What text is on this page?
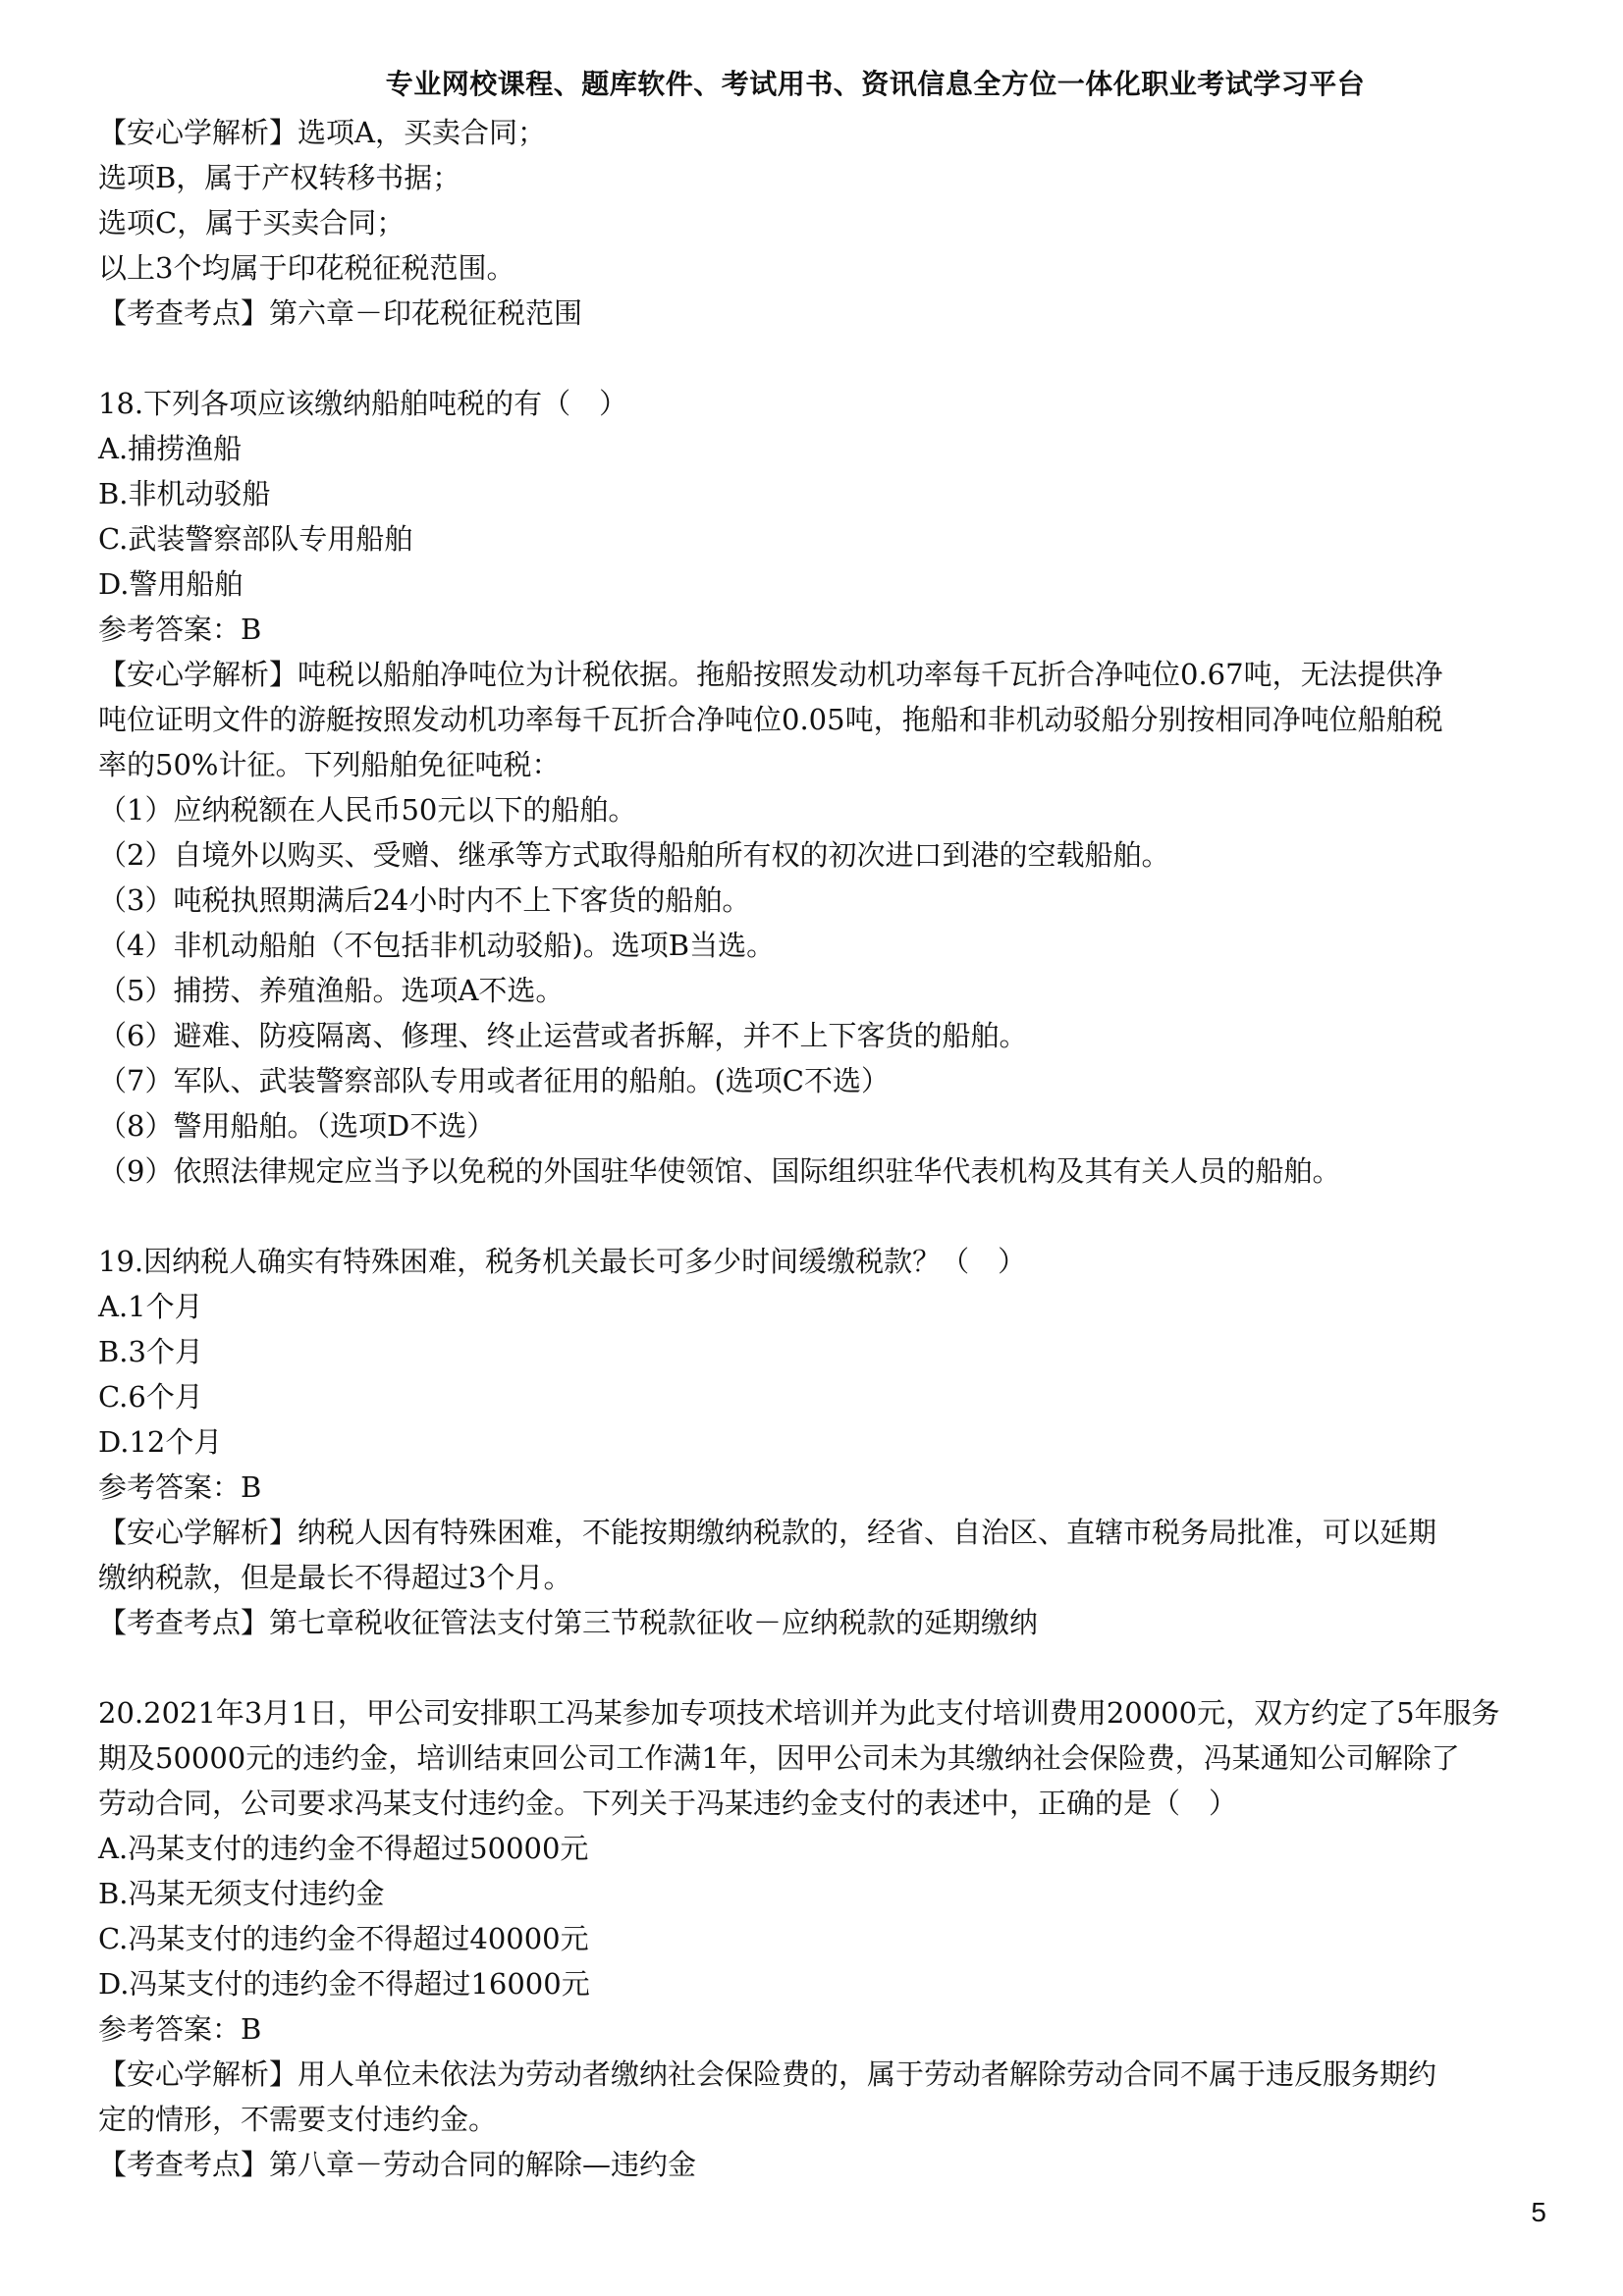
专业网校课程、题库软件、考试用书、资讯信息全方位一体化职业考试学习平台
【安心学解析】选项A，买卖合同；
选项B，属于产权转移书据；
选项C，属于买卖合同；
以上3个均属于印花税征税范围。
【考查考点】第六章－印花税征税范围
18.下列各项应该缴纳船舶吨税的有（　）
A.捕捞渔船
B.非机动驳船
C.武装警察部队专用船舶
D.警用船舶
参考答案：B
【安心学解析】吨税以船舶净吨位为计税依据。拖船按照发动机功率每千瓦折合净吨位0.67吨，无法提供净
吨位证明文件的游艇按照发动机功率每千瓦折合净吨位0.05吨，拖船和非机动驳船分别按相同净吨位船舶税
率的50%计征。下列船舶免征吨税：
（1）应纳税额在人民币50元以下的船舶。
（2）自境外以购买、受赠、继承等方式取得船舶所有权的初次进口到港的空载船舶。
（3）吨税执照期满后24小时内不上下客货的船舶。
（4）非机动船舶（不包括非机动驳船)。选项B当选。
（5）捕捞、养殖渔船。选项A不选。
（6）避难、防疫隔离、修理、终止运营或者拆解，并不上下客货的船舶。
（7）军队、武装警察部队专用或者征用的船舶。(选项C不选）
（8）警用船舶。（选项D不选）
（9）依照法律规定应当予以免税的外国驻华使领馆、国际组织驻华代表机构及其有关人员的船舶。
19.因纳税人确实有特殊困难，税务机关最长可多少时间缓缴税款？（　）
A.1个月
B.3个月
C.6个月
D.12个月
参考答案：B
【安心学解析】纳税人因有特殊困难，不能按期缴纳税款的，经省、自治区、直辖市税务局批准，可以延期
缴纳税款，但是最长不得超过3个月。
【考查考点】第七章税收征管法支付第三节税款征收－应纳税款的延期缴纳
20.2021年3月1日，甲公司安排职工冯某参加专项技术培训并为此支付培训费用20000元，双方约定了5年服务
期及50000元的违约金，培训结束回公司工作满1年，因甲公司未为其缴纳社会保险费，冯某通知公司解除了
劳动合同，公司要求冯某支付违约金。下列关于冯某违约金支付的表述中，正确的是（　）
A.冯某支付的违约金不得超过50000元
B.冯某无须支付违约金
C.冯某支付的违约金不得超过40000元
D.冯某支付的违约金不得超过16000元
参考答案：B
【安心学解析】用人单位未依法为劳动者缴纳社会保险费的，属于劳动者解除劳动合同不属于违反服务期约
定的情形，不需要支付违约金。
【考查考点】第八章－劳动合同的解除—违约金
5
